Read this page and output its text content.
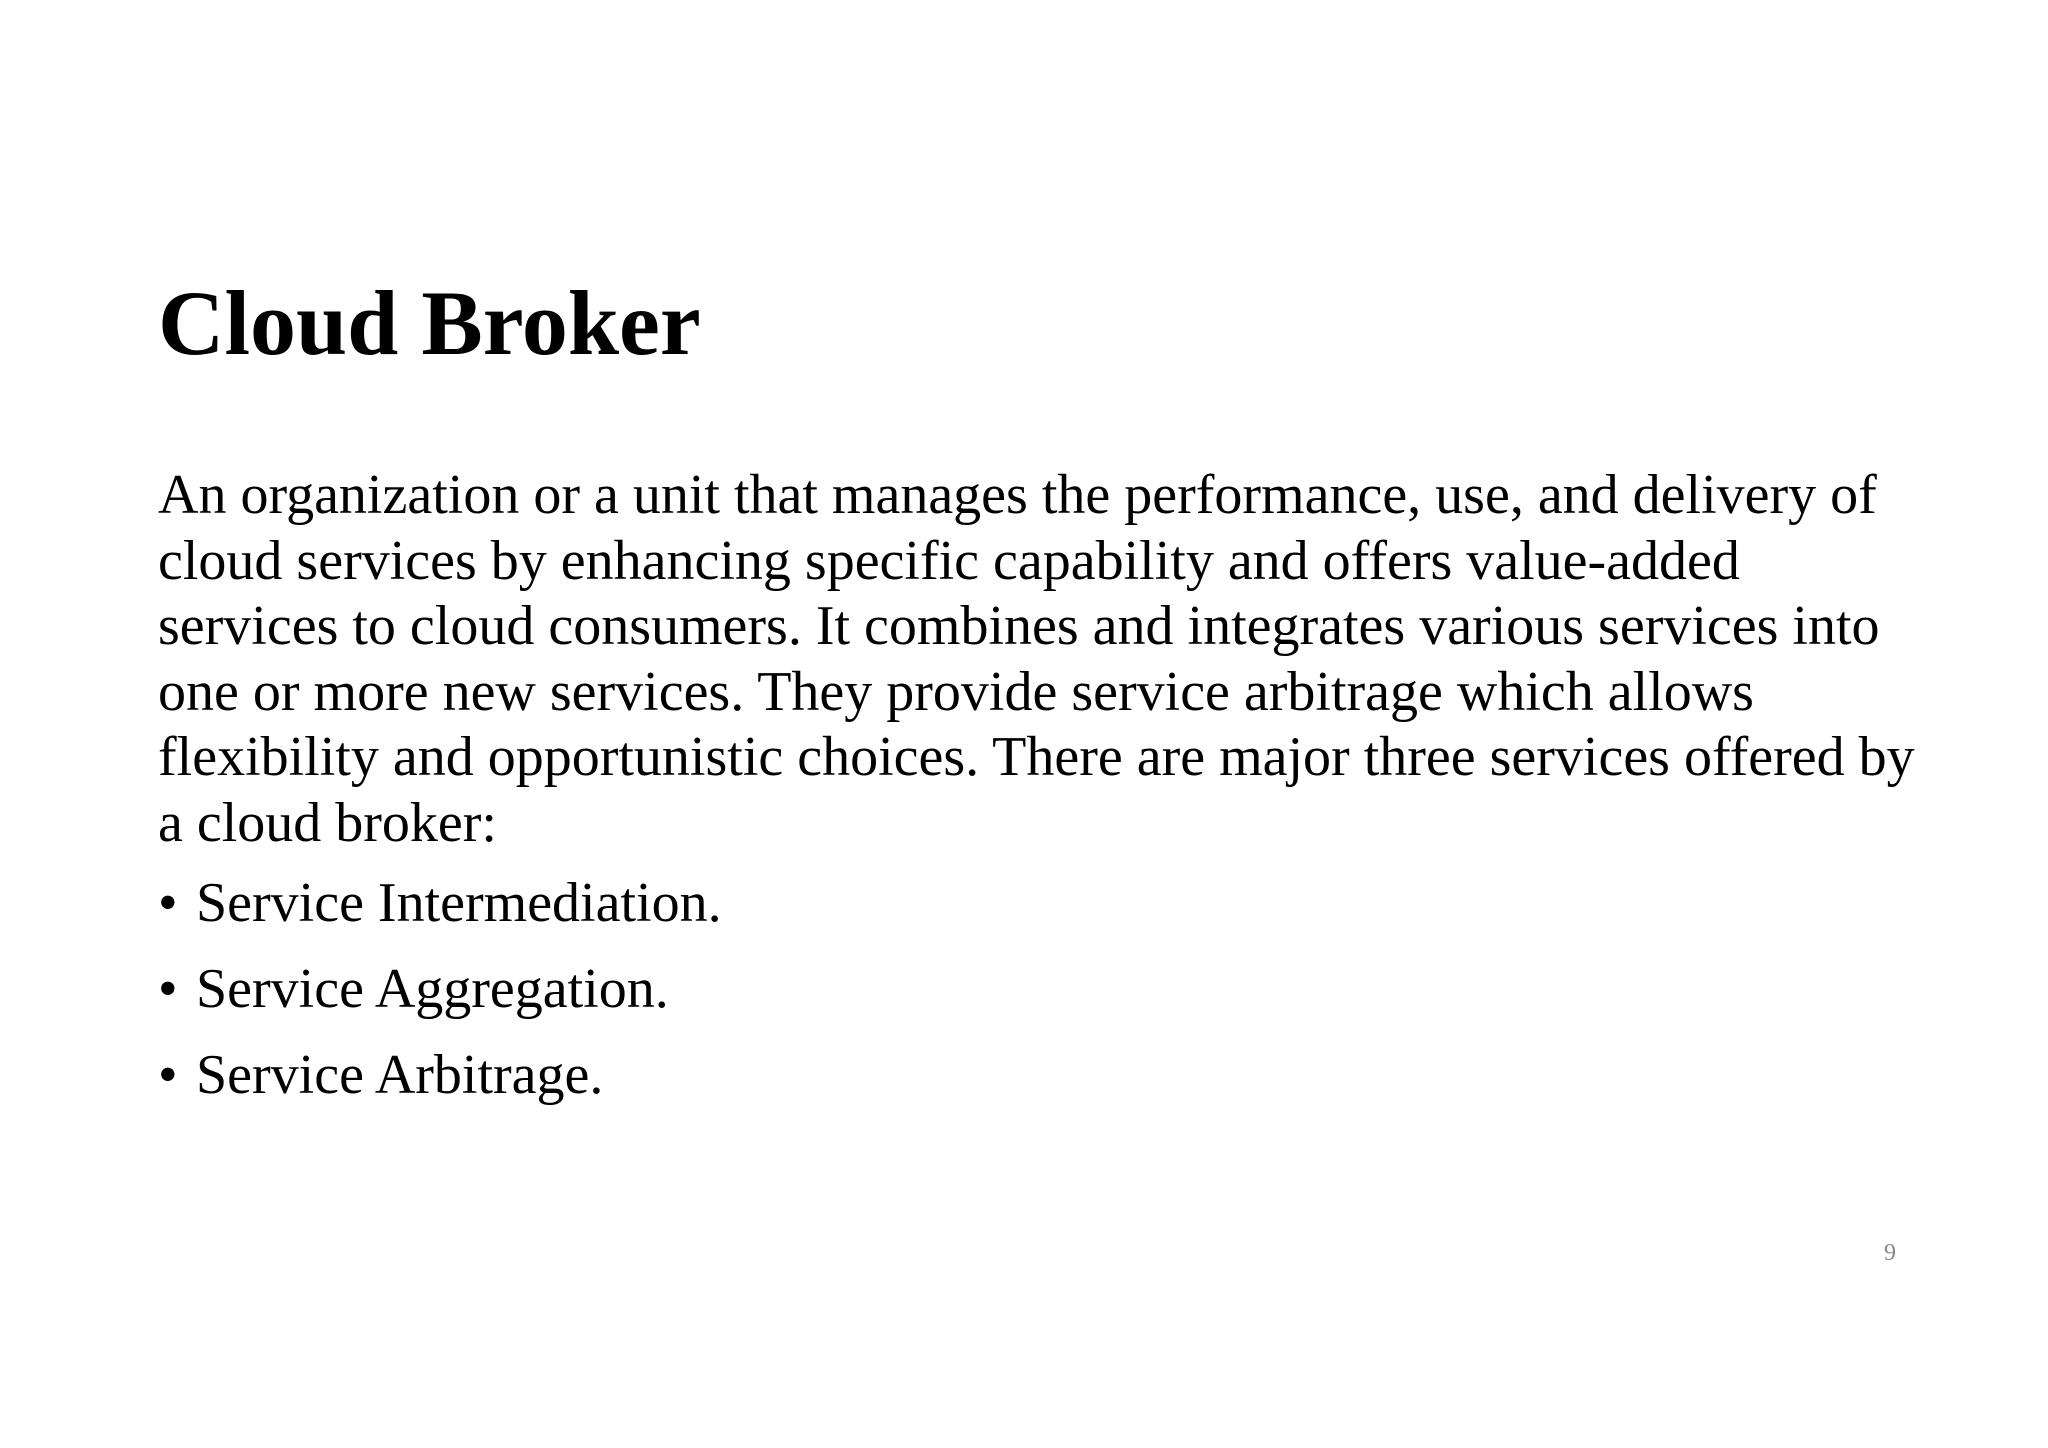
Cloud Broker

An organization or a unit that manages the performance, use, and delivery of cloud services by enhancing specific capability and offers value-added services to cloud consumers. It combines and integrates various services into one or more new services. They provide service arbitrage which allows flexibility and opportunistic choices. There are major three services offered by a cloud broker:

• Service Intermediation.
• Service Aggregation.
• Service Arbitrage.
9
